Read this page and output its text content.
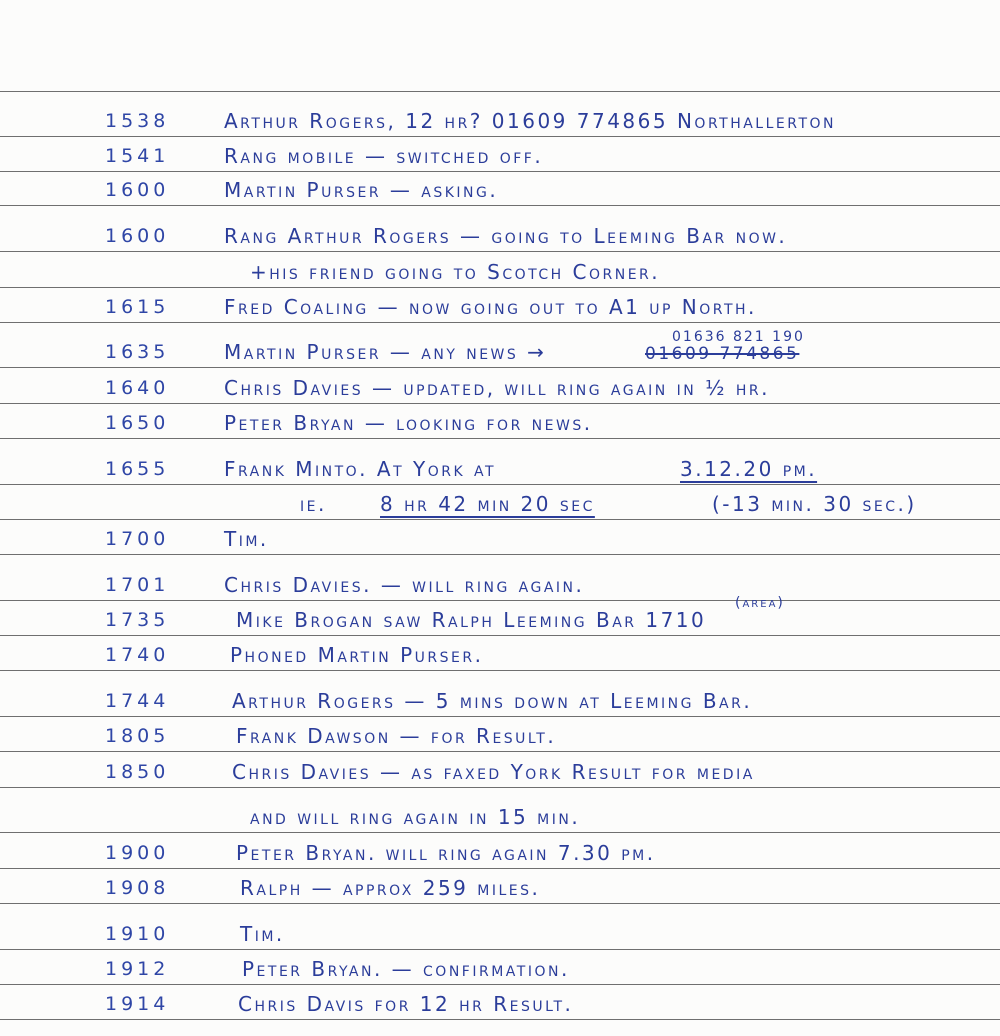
1538	Arthur Rogers, 12 hr? 01609 774865 Northallerton
1541	Rang mobile — switched off.
1600	Martin Purser — asking.
1600	Rang Arthur Rogers — going to Leeming Bar now.
+his friend going to Scotch Corner.
1615	Fred Coaling — now going out to A1 up North.
1635	Martin Purser — any news →	01609 774865
01636 821 190
1640	Chris Davies — updated, will ring again in ½ hr.
1650	Peter Bryan — looking for news.
1655	Frank Minto. At York at	3.12.20 pm.
ie.	8 hr 42 min 20 sec	(-13 min. 30 sec.)
1700	Tim.
1701	Chris Davies. — will ring again.
1735	Mike Brogan saw Ralph Leeming Bar 1710
(area)
1740	Phoned Martin Purser.
1744	Arthur Rogers — 5 mins down at Leeming Bar.
1805	Frank Dawson — for Result.
1850	Chris Davies — as faxed York Result for media
and will ring again in 15 min.
1900	Peter Bryan. will ring again 7.30 pm.
1908	Ralph — approx 259 miles.
1910	Tim.
1912	Peter Bryan. — confirmation.
1914	Chris Davis for 12 hr Result.
